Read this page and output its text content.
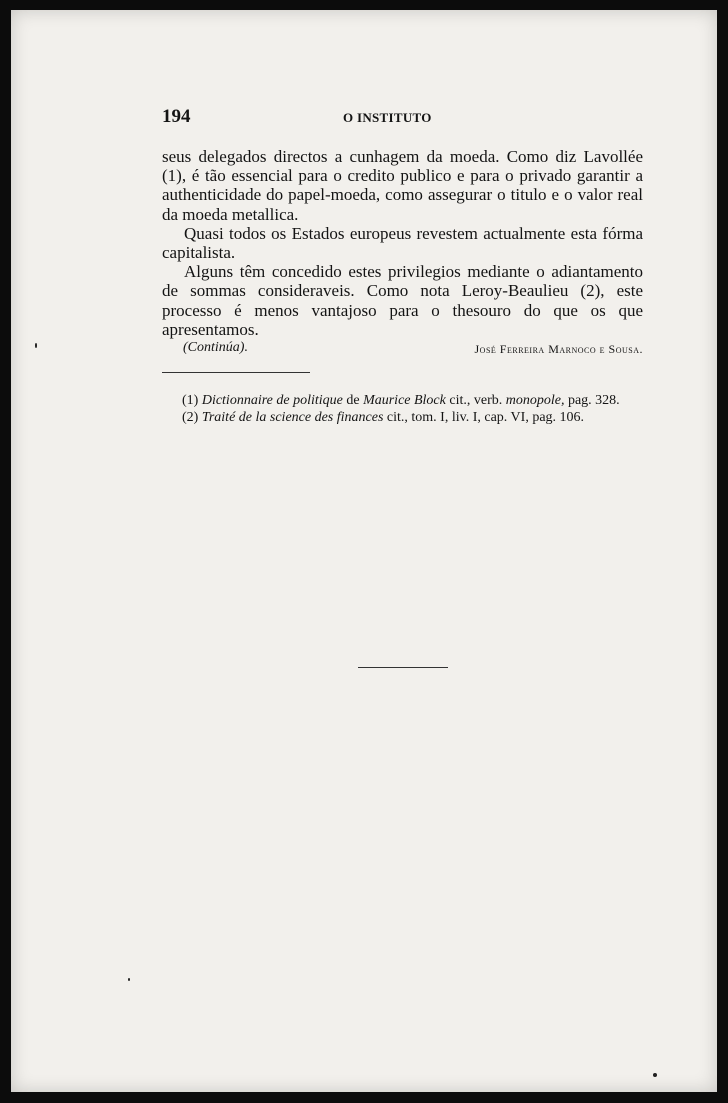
194	O INSTITUTO

seus delegados directos a cunhagem da moeda. Como diz Lavollée (1), é tão essencial para o credito publico e para o privado garantir a authenticidade do papel-moeda, como assegurar o titulo e o valor real da moeda metallica.

Quasi todos os Estados europeus revestem actualmente esta fórma capitalista.

Alguns têm concedido estes privilegios mediante o adiantamento de sommas consideraveis. Como nota Leroy-Beaulieu (2), este processo é menos vantajoso para o thesouro do que os que apresentamos.

(Continúa).	José Ferreira Marnoco e Sousa.

(1) Dictionnaire de politique de Maurice Block cit., verb. monopole, pag. 328.

(2) Traité de la science des finances cit., tom. I, liv. I, cap. VI, pag. 106.
